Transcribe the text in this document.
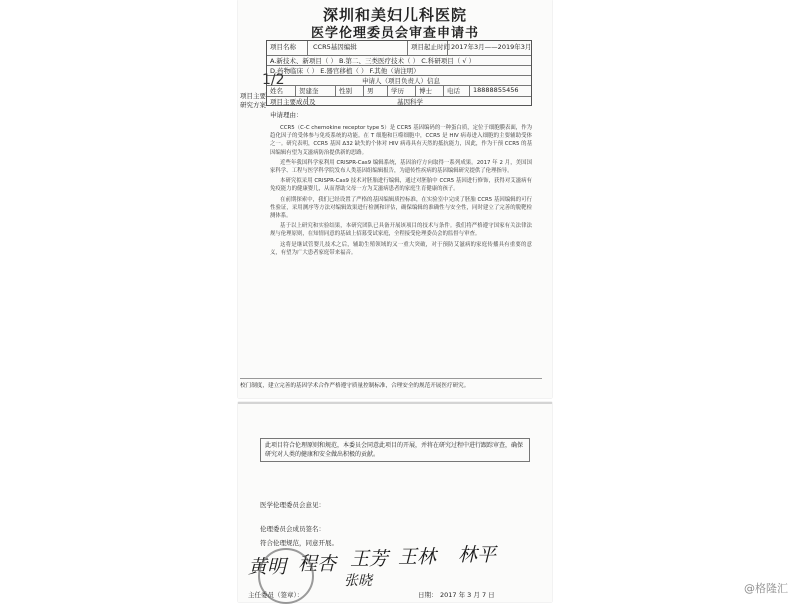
深圳和美妇儿科医院
医学伦理委员会审查申请书
项目名称	CCR5基因编辑	项目起止时间 2017年3月——2019年3月
A.新技术、新项目（ ） B.第二、三类医疗技术（ ） C.科研项目（ √ ）
D.药物临床（ ） E.器官移植（ ） F.其他（请注明）
申请人（项目负责人）信息
姓名 贺建奎	性别 男	学历 博士 电话 18888855456
项目主要成员及	基因科学
项目主要
研究方案
申请理由：

CCR5（C-C chemokine receptor type 5）是 CCR5 基因编码的一种蛋白质，定位于细胞膜表面，作为趋化因子的受体参与免疫系统的功能。在 T 细胞和巨噬细胞中，CCR5 是 HIV 病毒进入细胞的主要辅助受体之一。研究表明，CCR5 基因 Δ32 缺失的个体对 HIV 病毒具有天然的抵抗能力，因此，作为干预 CCR5 的基因编辑有望为艾滋病防治提供新的思路。

近些年我国科学家利用 CRISPR-Cas9 编辑系统，基因治疗方向取得一系列成果。2017 年 2 月，美国国家科学、工程与医学科学院发布人类基因组编辑报告，为遗传性疾病的基因编辑研究提供了伦理指导。

本研究拟采用 CRISPR-Cas9 技术对胚胎进行编辑，通过对胚胎中 CCR5 基因进行修饰，获得对艾滋病有免疫能力的健康婴儿，从而帮助父母一方为艾滋病患者的家庭生育健康的孩子。

在前期探索中，我们已经设置了严格的基因编辑质控标准，在实验室中完成了胚胎 CCR5 基因编辑的可行性验证，采用测序等方法对编辑效果进行检测和评估，确保编辑的准确性与安全性，同时建立了完善的脱靶检测体系。

基于以上研究和实验结果，本研究团队已具备开展该项目的技术与条件。我们将严格遵守国家有关法律法规与伦理原则，在知情同意的基础上招募受试家庭，全程接受伦理委员会的监督与审查。

这将是继试管婴儿技术之后，辅助生殖领域的又一重大突破，对于预防艾滋病的家庭传播具有重要的意义，有望为广大患者家庭带来福音。

校门制度，建立完善的基因学术合作严格遵守质量控制标准，合理安全的规范开展医疗研究。
1/2
此项目符合伦理原则和规范，本委员会同意此项目的开展，并将在研究过程中进行跟踪审查，确保研究对人类的健康和安全做出积极的贡献。
医学伦理委员会意见：
伦理委员会成员签名：
符合伦理规范，同意开展。
黄明 程杏 王芳 王林 林平
张晓
主任委员（签章）：	日期： 2017 年 3 月 7 日	@格隆汇
